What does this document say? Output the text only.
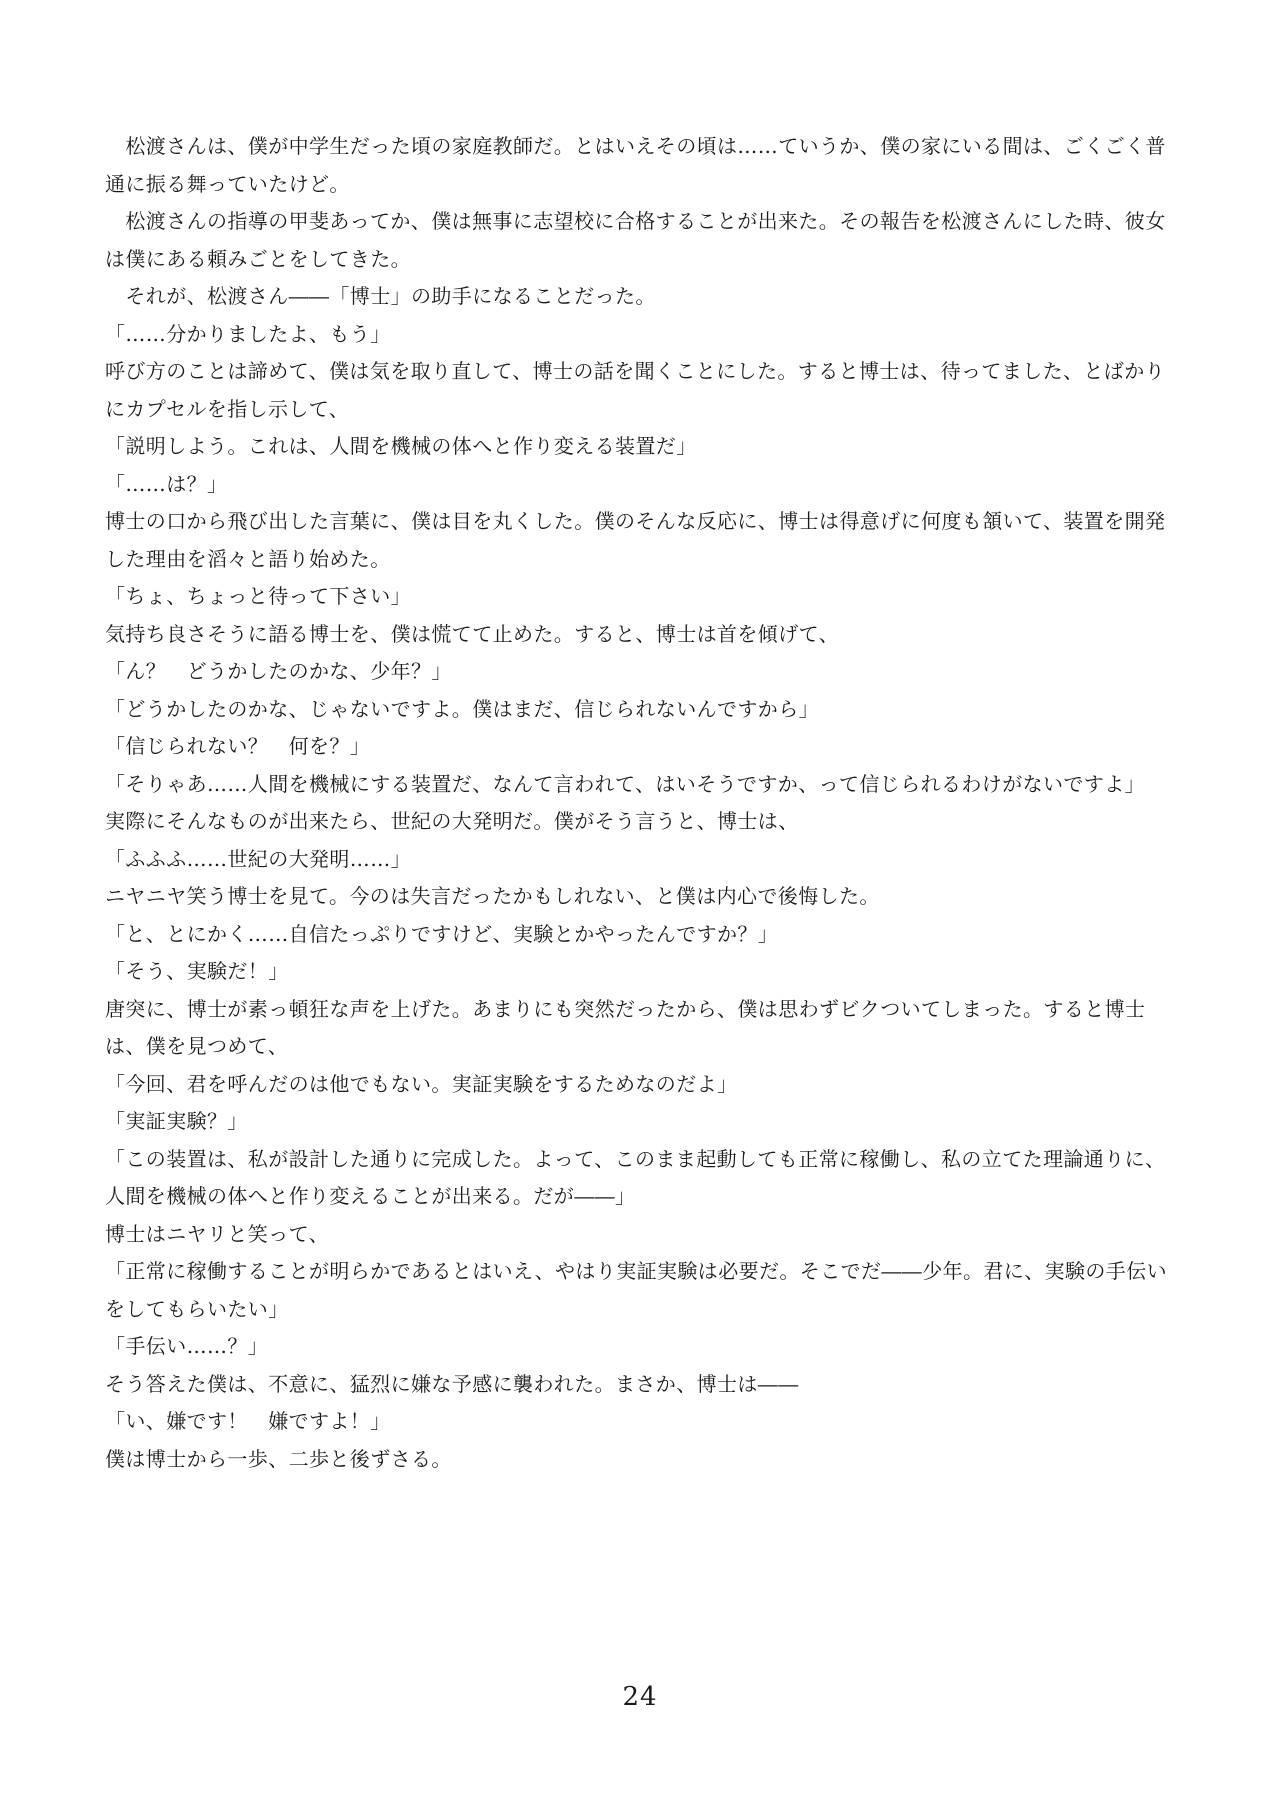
　松渡さんは、僕が中学生だった頃の家庭教師だ。とはいえその頃は……ていうか、僕の家にいる間は、ごくごく普通に振る舞っていたけど。

　松渡さんの指導の甲斐あってか、僕は無事に志望校に合格することが出来た。その報告を松渡さんにした時、彼女は僕にある頼みごとをしてきた。

　それが、松渡さん――「博士」の助手になることだった。

「……分かりましたよ、もう」

呼び方のことは諦めて、僕は気を取り直して、博士の話を聞くことにした。すると博士は、待ってました、とばかりにカプセルを指し示して、

「説明しよう。これは、人間を機械の体へと作り変える装置だ」

「……は？」

博士の口から飛び出した言葉に、僕は目を丸くした。僕のそんな反応に、博士は得意げに何度も頷いて、装置を開発した理由を滔々と語り始めた。

「ちょ、ちょっと待って下さい」

気持ち良さそうに語る博士を、僕は慌てて止めた。すると、博士は首を傾げて、

「ん？　どうかしたのかな、少年？」

「どうかしたのかな、じゃないですよ。僕はまだ、信じられないんですから」

「信じられない？　何を？」

「そりゃあ……人間を機械にする装置だ、なんて言われて、はいそうですか、って信じられるわけがないですよ」

実際にそんなものが出来たら、世紀の大発明だ。僕がそう言うと、博士は、

「ふふふ……世紀の大発明……」

ニヤニヤ笑う博士を見て。今のは失言だったかもしれない、と僕は内心で後悔した。

「と、とにかく……自信たっぷりですけど、実験とかやったんですか？」

「そう、実験だ！」

唐突に、博士が素っ頓狂な声を上げた。あまりにも突然だったから、僕は思わずビクついてしまった。すると博士は、僕を見つめて、

「今回、君を呼んだのは他でもない。実証実験をするためなのだよ」

「実証実験？」

「この装置は、私が設計した通りに完成した。よって、このまま起動しても正常に稼働し、私の立てた理論通りに、人間を機械の体へと作り変えることが出来る。だが――」

博士はニヤリと笑って、

「正常に稼働することが明らかであるとはいえ、やはり実証実験は必要だ。そこでだ――少年。君に、実験の手伝いをしてもらいたい」

「手伝い……？」

そう答えた僕は、不意に、猛烈に嫌な予感に襲われた。まさか、博士は――

「い、嫌です！　嫌ですよ！」

僕は博士から一歩、二歩と後ずさる。

24
